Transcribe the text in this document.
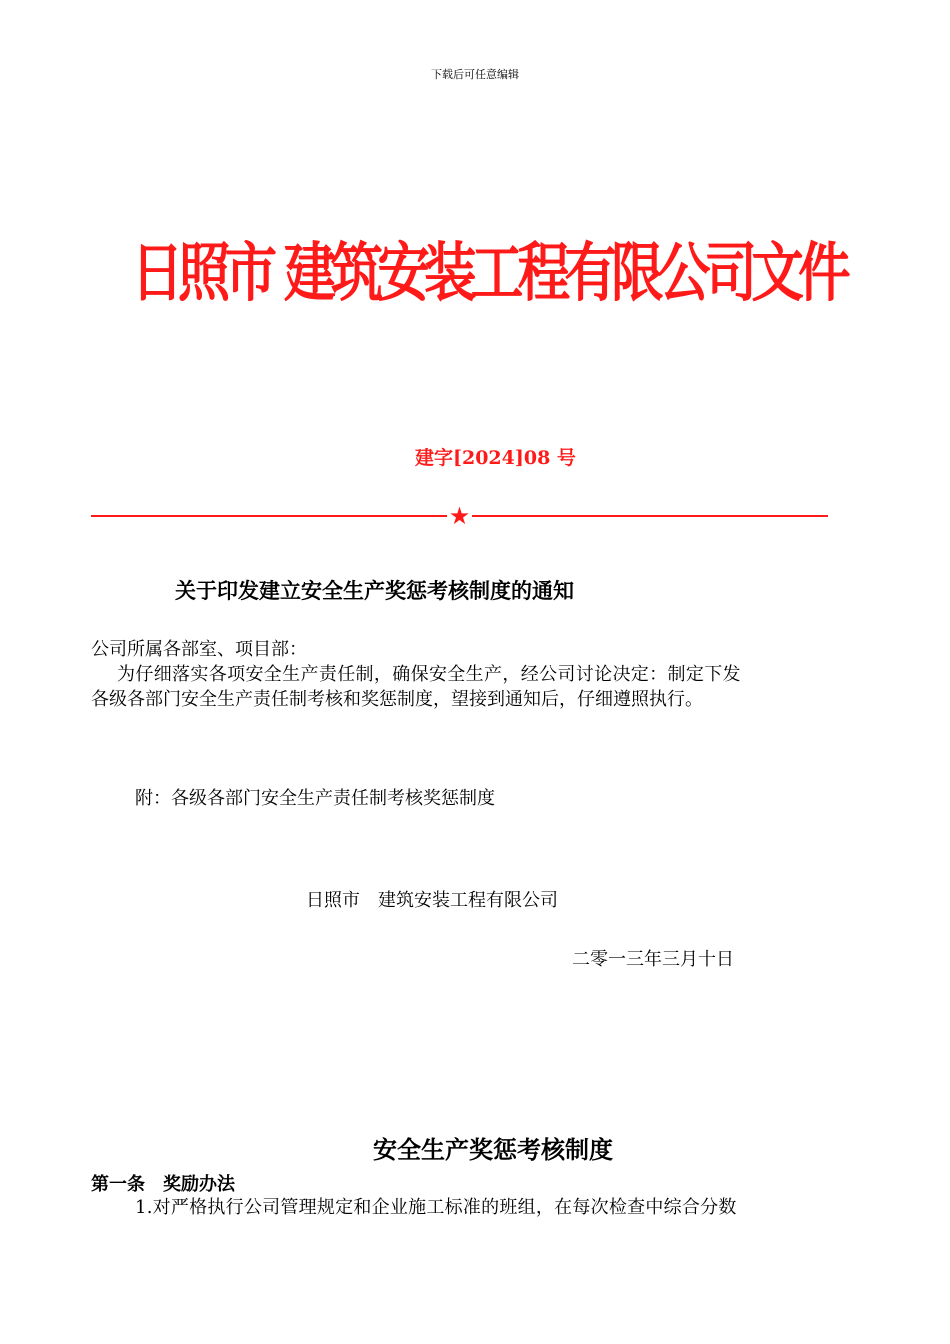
下载后可任意编辑
日照市 建筑安装工程有限公司文件
建字[2024]08 号
★
关于印发建立安全生产奖惩考核制度的通知
公司所属各部室、项目部：
为仔细落实各项安全生产责任制，确保安全生产，经公司讨论决定：制定下发
各级各部门安全生产责任制考核和奖惩制度，望接到通知后，仔细遵照执行。
附：各级各部门安全生产责任制考核奖惩制度
日照市　建筑安装工程有限公司
二零一三年三月十日
安全生产奖惩考核制度
第一条　奖励办法
1.对严格执行公司管理规定和企业施工标准的班组，在每次检查中综合分数
